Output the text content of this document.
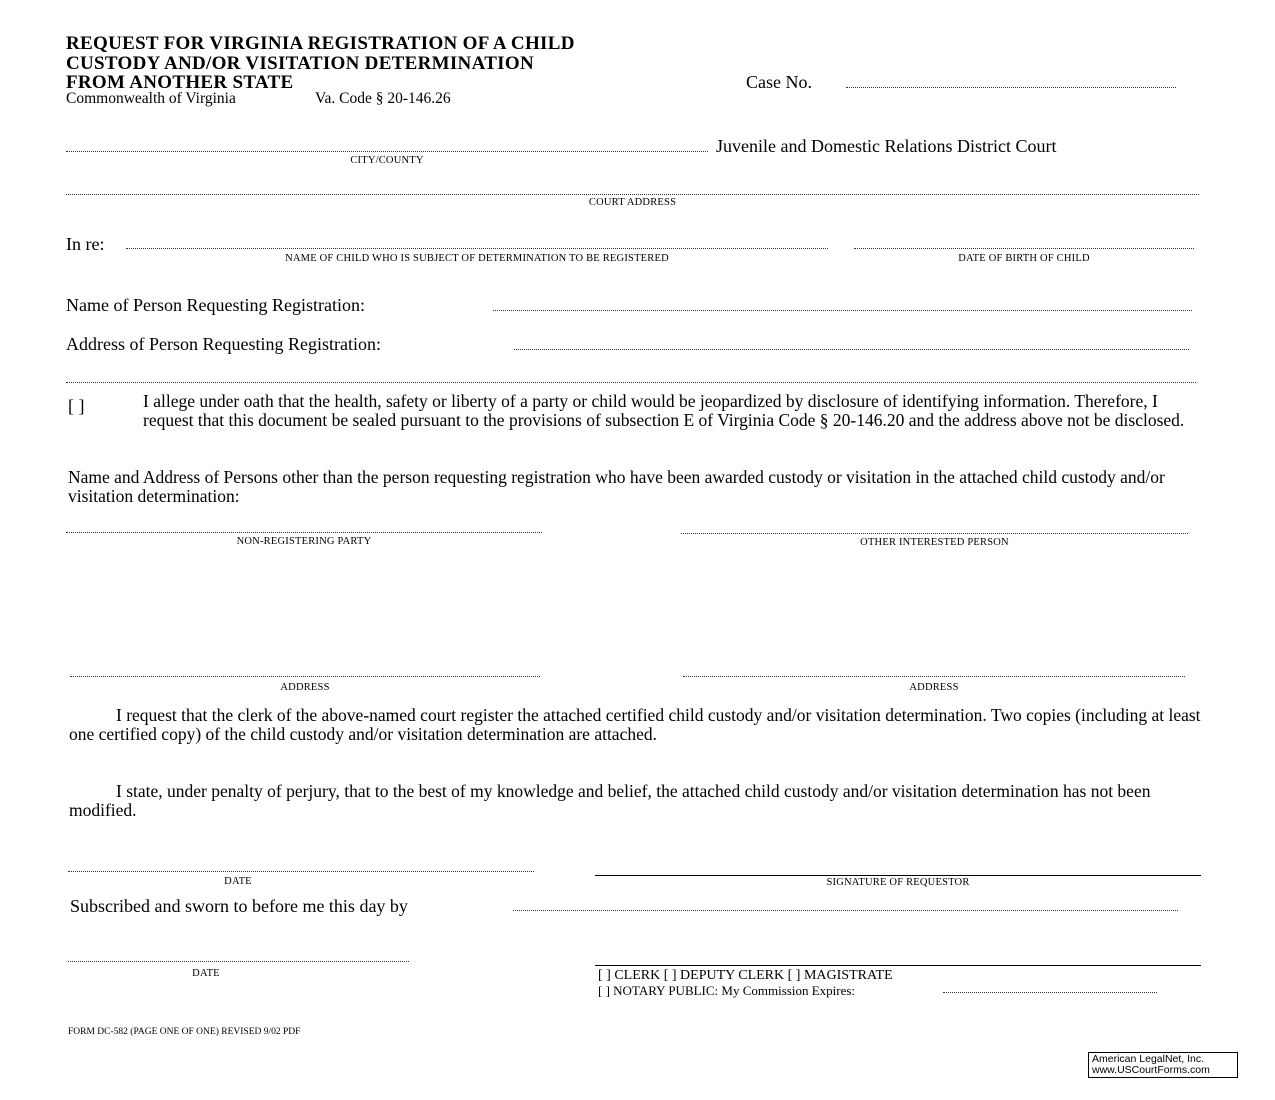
REQUEST FOR VIRGINIA REGISTRATION OF A CHILD
CUSTODY AND/OR VISITATION DETERMINATION
FROM ANOTHER STATE	Case No.
Commonwealth of Virginia	Va. Code § 20-146.26
Juvenile and Domestic Relations District Court
CITY/COUNTY
COURT ADDRESS
In re:
NAME OF CHILD WHO IS SUBJECT OF DETERMINATION TO BE REGISTERED	DATE OF BIRTH OF CHILD
Name of Person Requesting Registration:
Address of Person Requesting Registration:
[ ]	I allege under oath that the health, safety or liberty of a party or child would be jeopardized by disclosure of identifying information. Therefore, I request that this document be sealed pursuant to the provisions of subsection E of Virginia Code § 20-146.20 and the address above not be disclosed.
Name and Address of Persons other than the person requesting registration who have been awarded custody or visitation in the attached child custody and/or visitation determination:
NON-REGISTERING PARTY	OTHER INTERESTED PERSON
ADDRESS	ADDRESS
I request that the clerk of the above-named court register the attached certified child custody and/or visitation determination. Two copies (including at least one certified copy) of the child custody and/or visitation determination are attached.
I state, under penalty of perjury, that to the best of my knowledge and belief, the attached child custody and/or visitation determination has not been modified.
DATE	SIGNATURE OF REQUESTOR
Subscribed and sworn to before me this day by
DATE	[ ] CLERK [ ] DEPUTY CLERK [ ] MAGISTRATE
[ ] NOTARY PUBLIC: My Commission Expires:
FORM DC-582 (PAGE ONE OF ONE) REVISED 9/02 PDF
American LegalNet, Inc.
www.USCourtForms.com
